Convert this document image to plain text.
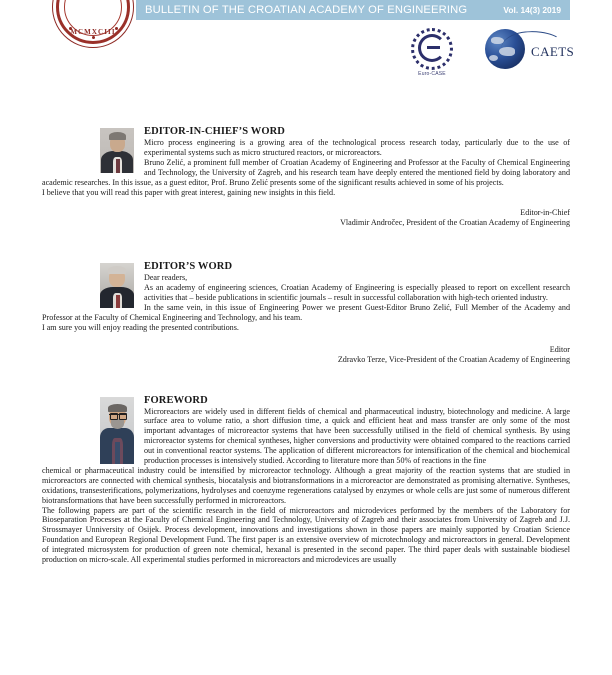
MCMXCIII
BULLETIN OF THE CROATIAN ACADEMY OF ENGINEERING	Vol. 14(3) 2019
Euro-CASE
CAETS
EDITOR-IN-CHIEF’S WORD

Micro process engineering is a growing area of the technological process research today, particularly due to the use of experimental systems such as micro structured reactors, or microreactors.

Bruno Zelić, a prominent full member of Croatian Academy of Engineering and Professor at the Faculty of Chemical Engineering and Technology, the University of Zagreb, and his research team have deeply entered the mentioned field by doing laboratory and academic researches. In this issue, as a guest editor, Prof. Bruno Zelić presents some of the significant results achieved in some of his projects.

I believe that you will read this paper with great interest, gaining new insights in this field.

Editor-in-Chief
Vladimir Andročec, President of the Croatian Academy of Engineering
EDITOR’S WORD

Dear readers,

As an academy of engineering sciences, Croatian Academy of Engineering is especially pleased to report on excellent research activities that – beside publications in scientific journals – result in successful collaboration with high-tech oriented industry.

In the same vein, in this issue of Engineering Power we present Guest-Editor Bruno Zelić, Full Member of the Academy and Professor at the Faculty of Chemical Engineering and Technology, and his team.

I am sure you will enjoy reading the presented contributions.

Editor
Zdravko Terze, Vice-President of the Croatian Academy of Engineering
FOREWORD

Microreactors are widely used in different fields of chemical and pharmaceutical industry, biotechnology and medicine. A large surface area to volume ratio, a short diffusion time, a quick and efficient heat and mass transfer are only some of the most important advantages of microreactor systems that have been successfully utilised in the field of chemical synthesis. By using microreactor systems for chemical syntheses, higher conversions and productivity were obtained compared to the reactions carried out in conventional reactor systems. The application of different microreactors for intensification of the chemical and biochemical production processes is intensively studied. According to literature more than 50% of reactions in the fine

chemical or pharmaceutical industry could be intensified by microreactor technology. Although a great majority of the reaction systems that are studied in microreactors are connected with chemical synthesis, biocatalysis and biotransformations in a microreactor are demonstrated as promising alternative. Syntheses, oxidations, transesterifications, polymerizations, hydrolyses and coenzyme regenerations catalysed by enzymes or whole cells are just some of numerous different biotransformations that have been successfully performed in microreactors.

The following papers are part of the scientific research in the field of microreactors and microdevices performed by the members of the Laboratory for Bioseparation Processes at the Faculty of Chemical Engineering and Technology, University of Zagreb and their associates from University of Zagreb and J.J. Strossmayer Unniversity of Osijek. Process development, innovations and investigations shown in those papers are mainly supported by Croatian Science Foundation and European Regional Development Fund. The first paper is an extensive overview of microtechnology and microreactors in general. Development of integrated microsystem for production of green note chemical, hexanal is presented in the second paper. The third paper deals with sustainable biodiesel production on micro-scale. All experimental studies performed in microreactors and microdevices are usually
